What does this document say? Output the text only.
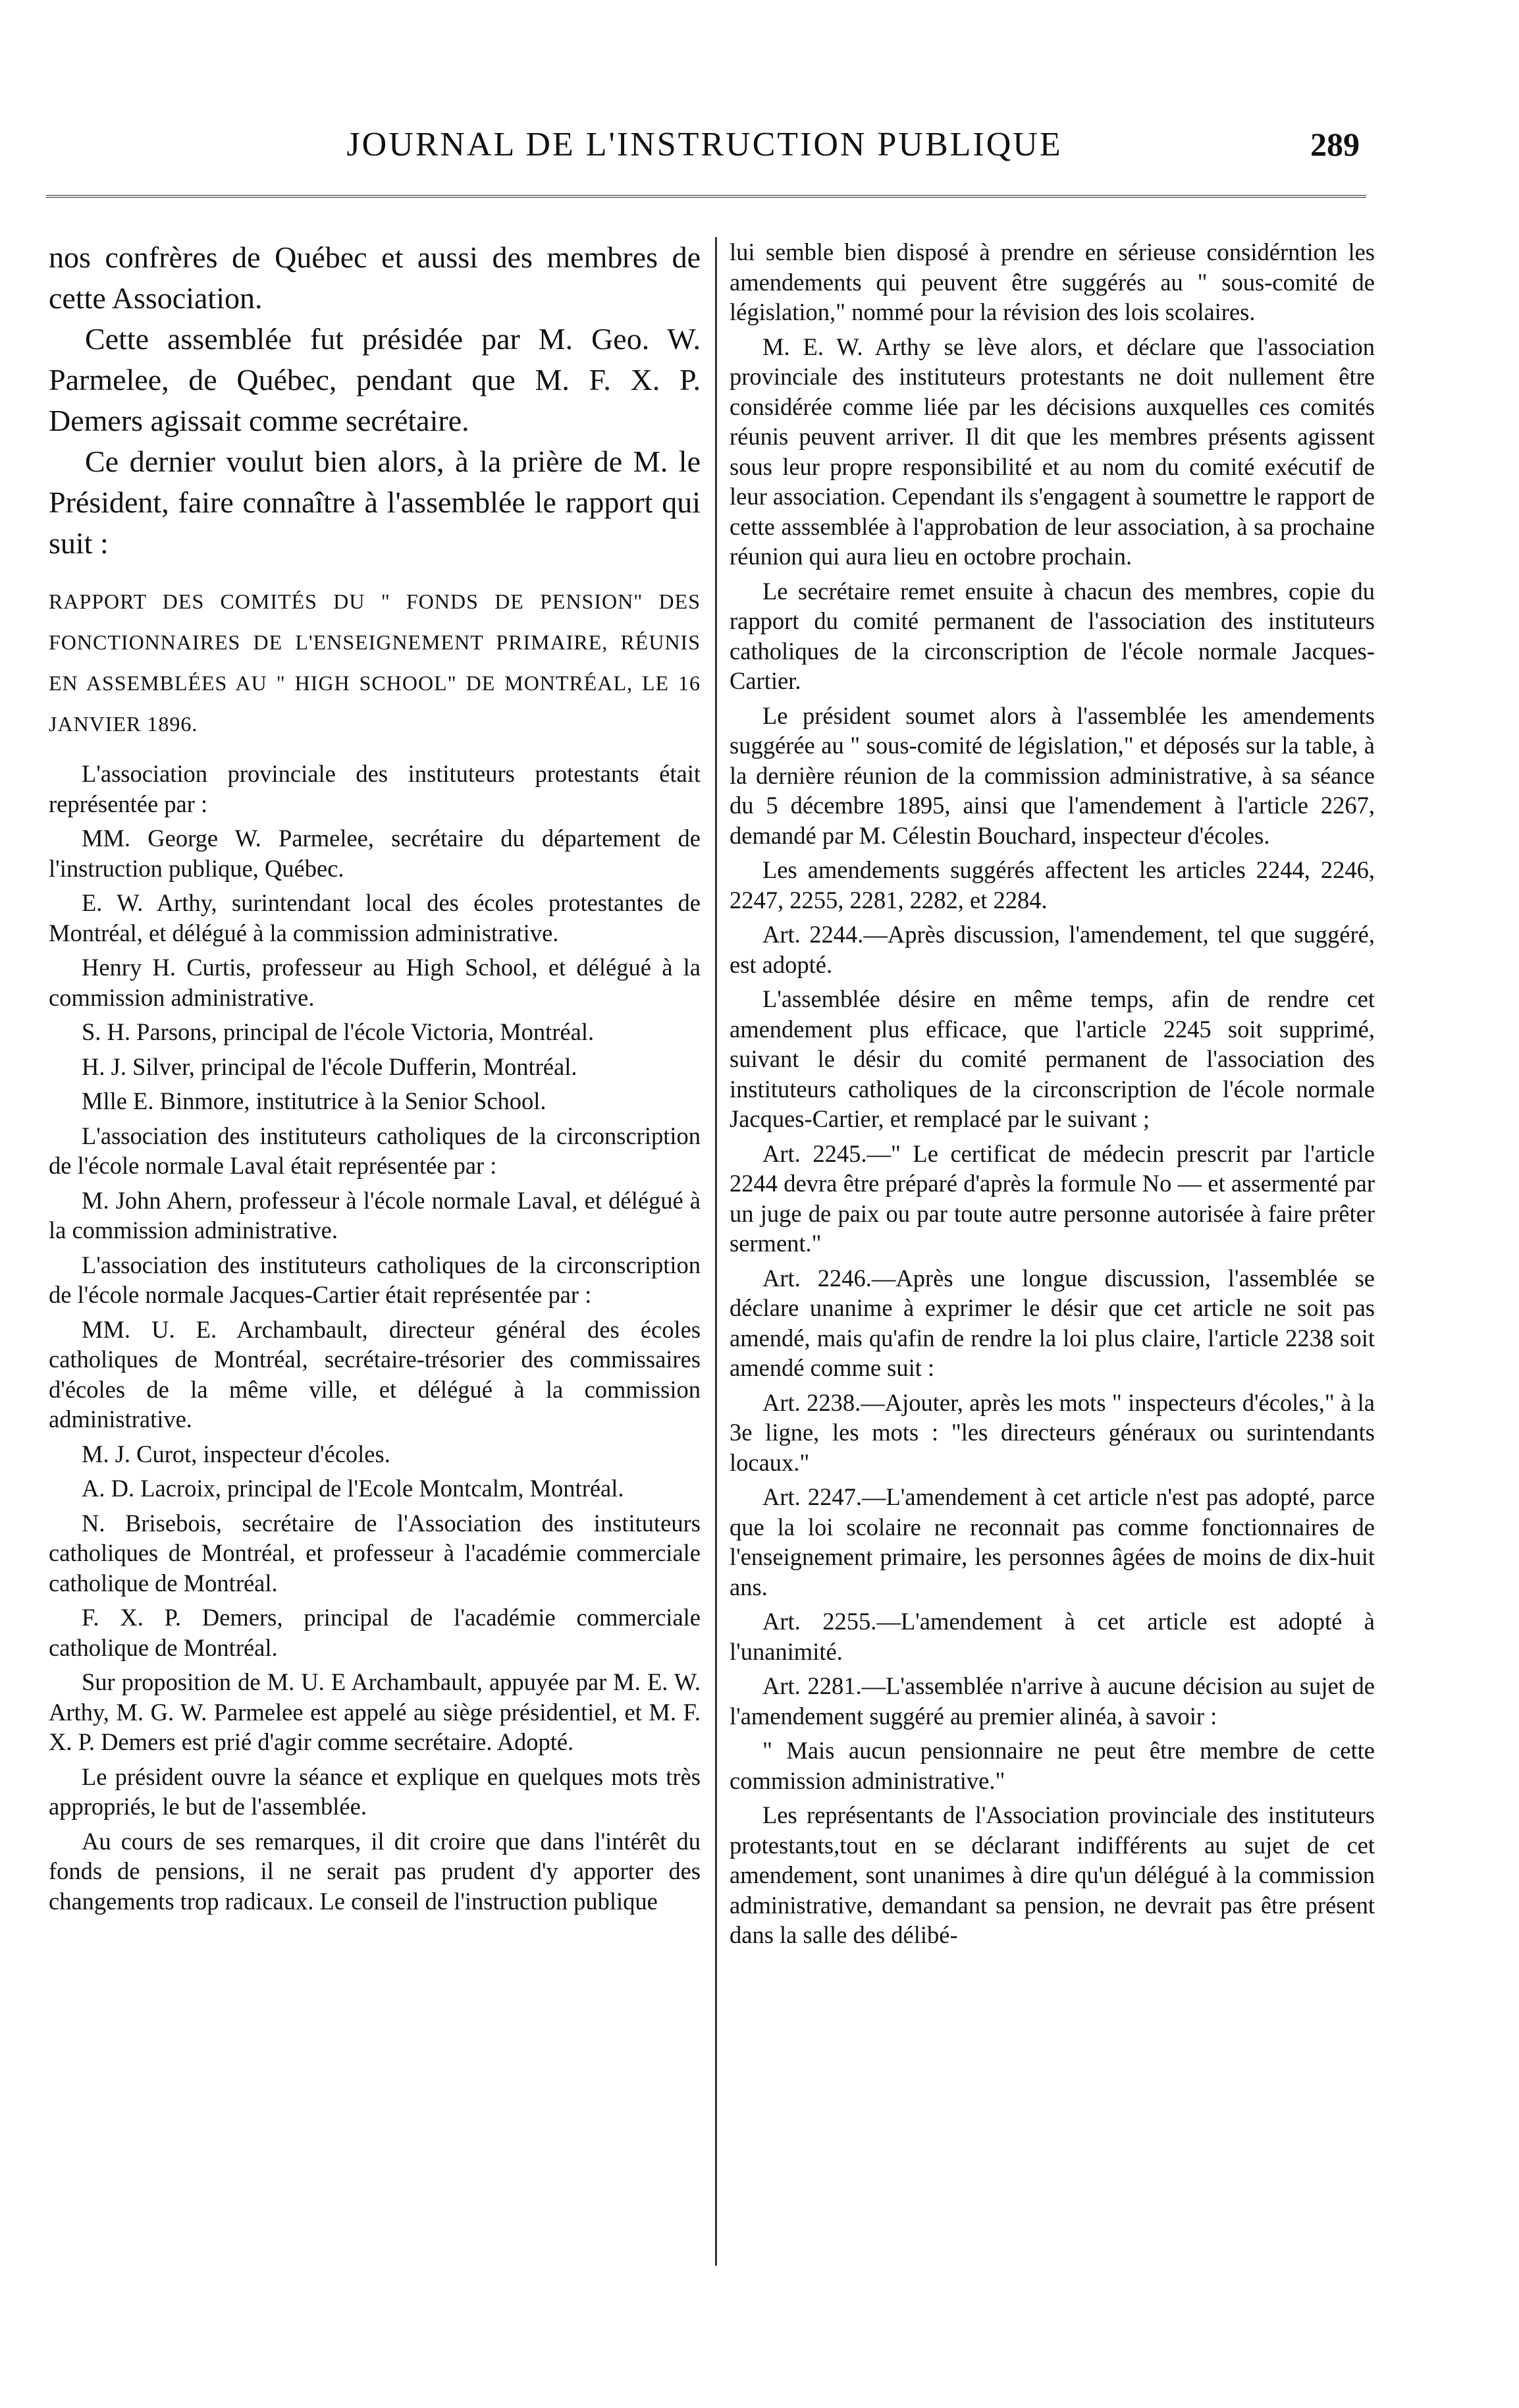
JOURNAL DE L'INSTRUCTION PUBLIQUE	289

nos confrères de Québec et aussi des membres de cette Association.

Cette assemblée fut présidée par M. Geo. W. Parmelee, de Québec, pendant que M. F. X. P. Demers agissait comme secrétaire.

Ce dernier voulut bien alors, à la prière de M. le Président, faire connaître à l'assemblée le rapport qui suit :

RAPPORT DES COMITÉS DU " FONDS DE PENSION" DES FONCTIONNAIRES DE L'ENSEIGNEMENT PRIMAIRE, RÉUNIS EN ASSEMBLÉES AU " HIGH SCHOOL" DE MONTRÉAL, LE 16 JANVIER 1896.

L'association provinciale des instituteurs protestants était représentée par :

MM. George W. Parmelee, secrétaire du département de l'instruction publique, Québec.

E. W. Arthy, surintendant local des écoles protestantes de Montréal, et délégué à la commission administrative.

Henry H. Curtis, professeur au High School, et délégué à la commission administrative.

S. H. Parsons, principal de l'école Victoria, Montréal.

H. J. Silver, principal de l'école Dufferin, Montréal.

Mlle E. Binmore, institutrice à la Senior School.

L'association des instituteurs catholiques de la circonscription de l'école normale Laval était représentée par :

M. John Ahern, professeur à l'école normale Laval, et délégué à la commission administrative.

L'association des instituteurs catholiques de la circonscription de l'école normale Jacques-Cartier était représentée par :

MM. U. E. Archambault, directeur général des écoles catholiques de Montréal, secrétaire-trésorier des commissaires d'écoles de la même ville, et délégué à la commission administrative.

M. J. Curot, inspecteur d'écoles.

A. D. Lacroix, principal de l'Ecole Montcalm, Montréal.

N. Brisebois, secrétaire de l'Association des instituteurs catholiques de Montréal, et professeur à l'académie commerciale catholique de Montréal.

F. X. P. Demers, principal de l'académie commerciale catholique de Montréal.

Sur proposition de M. U. E Archambault, appuyée par M. E. W. Arthy, M. G. W. Parmelee est appelé au siège présidentiel, et M. F. X. P. Demers est prié d'agir comme secrétaire. Adopté.

Le président ouvre la séance et explique en quelques mots très appropriés, le but de l'assemblée.

Au cours de ses remarques, il dit croire que dans l'intérêt du fonds de pensions, il ne serait pas prudent d'y apporter des changements trop radicaux. Le conseil de l'instruction publique

lui semble bien disposé à prendre en sérieuse considérntion les amendements qui peuvent être suggérés au " sous-comité de législation," nommé pour la révision des lois scolaires.

M. E. W. Arthy se lève alors, et déclare que l'association provinciale des instituteurs protestants ne doit nullement être considérée comme liée par les décisions auxquelles ces comités réunis peuvent arriver. Il dit que les membres présents agissent sous leur propre responsibilité et au nom du comité exécutif de leur association. Cependant ils s'engagent à soumettre le rapport de cette asssemblée à l'approbation de leur association, à sa prochaine réunion qui aura lieu en octobre prochain.

Le secrétaire remet ensuite à chacun des membres, copie du rapport du comité permanent de l'association des instituteurs catholiques de la circonscription de l'école normale Jacques-Cartier.

Le président soumet alors à l'assemblée les amendements suggérée au " sous-comité de législation," et déposés sur la table, à la dernière réunion de la commission administrative, à sa séance du 5 décembre 1895, ainsi que l'amendement à l'article 2267, demandé par M. Célestin Bouchard, inspecteur d'écoles.

Les amendements suggérés affectent les articles 2244, 2246, 2247, 2255, 2281, 2282, et 2284.

Art. 2244.—Après discussion, l'amendement, tel que suggéré, est adopté.

L'assemblée désire en même temps, afin de rendre cet amendement plus efficace, que l'article 2245 soit supprimé, suivant le désir du comité permanent de l'association des instituteurs catholiques de la circonscription de l'école normale Jacques-Cartier, et remplacé par le suivant ;

Art. 2245.—" Le certificat de médecin prescrit par l'article 2244 devra être préparé d'après la formule No — et assermenté par un juge de paix ou par toute autre personne autorisée à faire prêter serment."

Art. 2246.—Après une longue discussion, l'assemblée se déclare unanime à exprimer le désir que cet article ne soit pas amendé, mais qu'afin de rendre la loi plus claire, l'article 2238 soit amendé comme suit :

Art. 2238.—Ajouter, après les mots " inspecteurs d'écoles," à la 3e ligne, les mots : "les directeurs généraux ou surintendants locaux."

Art. 2247.—L'amendement à cet article n'est pas adopté, parce que la loi scolaire ne reconnait pas comme fonctionnaires de l'enseignement primaire, les personnes âgées de moins de dix-huit ans.

Art. 2255.—L'amendement à cet article est adopté à l'unanimité.

Art. 2281.—L'assemblée n'arrive à aucune décision au sujet de l'amendement suggéré au premier alinéa, à savoir :

" Mais aucun pensionnaire ne peut être membre de cette commission administrative."

Les représentants de l'Association provinciale des instituteurs protestants,tout en se déclarant indifférents au sujet de cet amendement, sont unanimes à dire qu'un délégué à la commission administrative, demandant sa pension, ne devrait pas être présent dans la salle des délibé-
